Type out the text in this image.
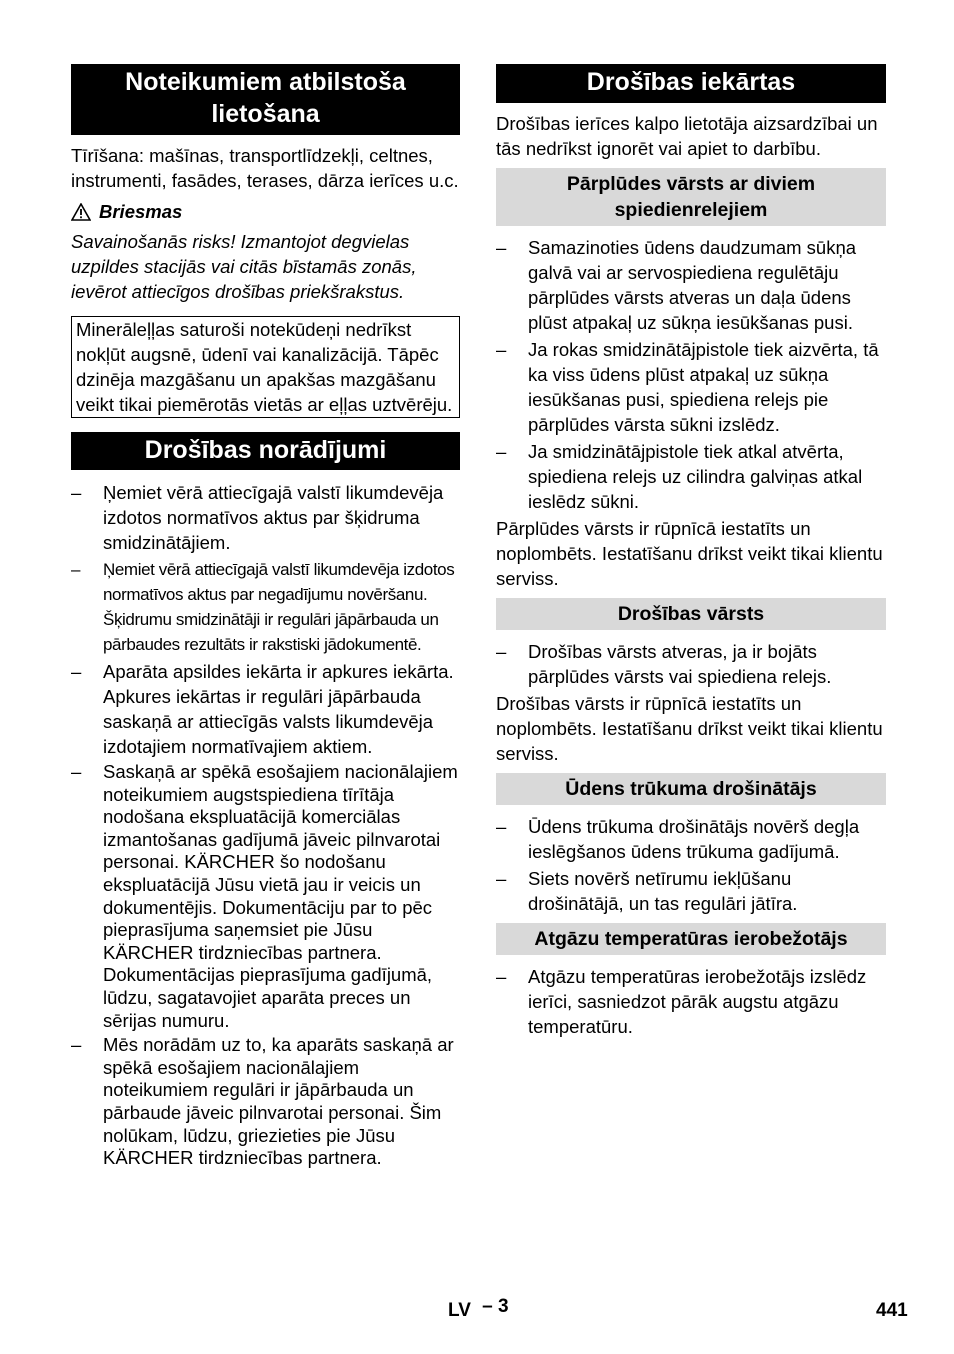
Noteikumiem atbilstoša lietošana

Tīrīšana: mašīnas, transportlīdzekļi, celtnes, instrumenti, fasādes, terases, dārza ierīces u.c.

Briesmas

Savainošanās risks! Izmantojot degvielas uzpildes stacijās vai citās bīstamās zonās, ievērot attiecīgos drošības priekšrakstus.

Minerāleļļas saturoši notekūdeņi nedrīkst nokļūt augsnē, ūdenī vai kanalizācijā. Tāpēc dzinēja mazgāšanu un apakšas mazgāšanu veikt tikai piemērotās vietās ar eļļas uztvērēju.

Drošības norādījumi
– Ņemiet vērā attiecīgajā valstī likumdevēja izdotos normatīvos aktus par šķidruma smidzinātājiem.
– Ņemiet vērā attiecīgajā valstī likumdevēja izdotos normatīvos aktus par negadījumu novēršanu. Šķidrumu smidzinātāji ir regulāri jāpārbauda un pārbaudes rezultāts ir rakstiski jādokumentē.
– Aparāta apsildes iekārta ir apkures iekārta. Apkures iekārtas ir regulāri jāpārbauda saskaņā ar attiecīgās valsts likumdevēja izdotajiem normatīvajiem aktiem.
– Saskaņā ar spēkā esošajiem nacionālajiem noteikumiem augstspiediena tīrītāja nodošana ekspluatācijā komerciālas izmantošanas gadījumā jāveic pilnvarotai personai. KÄRCHER šo nodošanu ekspluatācijā Jūsu vietā jau ir veicis un dokumentējis. Dokumentāciju par to pēc pieprasījuma saņemsiet pie Jūsu KÄRCHER tirdzniecības partnera. Dokumentācijas pieprasījuma gadījumā, lūdzu, sagatavojiet aparāta preces un sērijas numuru.
– Mēs norādām uz to, ka aparāts saskaņā ar spēkā esošajiem nacionālajiem noteikumiem regulāri ir jāpārbauda un pārbaude jāveic pilnvarotai personai. Šim nolūkam, lūdzu, griezieties pie Jūsu KÄRCHER tirdzniecības partnera.
Drošības iekārtas

Drošības ierīces kalpo lietotāja aizsardzībai un tās nedrīkst ignorēt vai apiet to darbību.

Pārplūdes vārsts ar diviem spiedienrelejiem
– Samazinoties ūdens daudzumam sūkņa galvā vai ar servospiediena regulētāju pārplūdes vārsts atveras un daļa ūdens plūst atpakaļ uz sūkņa iesūkšanas pusi.
– Ja rokas smidzinātājpistole tiek aizvērta, tā ka viss ūdens plūst atpakaļ uz sūkņa iesūkšanas pusi, spiediena relejs pie pārplūdes vārsta sūkni izslēdz.
– Ja smidzinātājpistole tiek atkal atvērta, spiediena relejs uz cilindra galviņas atkal ieslēdz sūkni.

Pārplūdes vārsts ir rūpnīcā iestatīts un noplombēts. Iestatīšanu drīkst veikt tikai klientu serviss.

Drošības vārsts
– Drošības vārsts atveras, ja ir bojāts pārplūdes vārsts vai spiediena relejs.

Drošības vārsts ir rūpnīcā iestatīts un noplombēts. Iestatīšanu drīkst veikt tikai klientu serviss.

Ūdens trūkuma drošinātājs
– Ūdens trūkuma drošinātājs novērš degļa ieslēgšanos ūdens trūkuma gadījumā.
– Siets novērš netīrumu iekļūšanu drošinātājā, un tas regulāri jātīra.
Atgāzu temperatūras ierobežotājs
– Atgāzu temperatūras ierobežotājs izslēdz ierīci, sasniedzot pārāk augstu atgāzu temperatūru.
LV – 3	441
